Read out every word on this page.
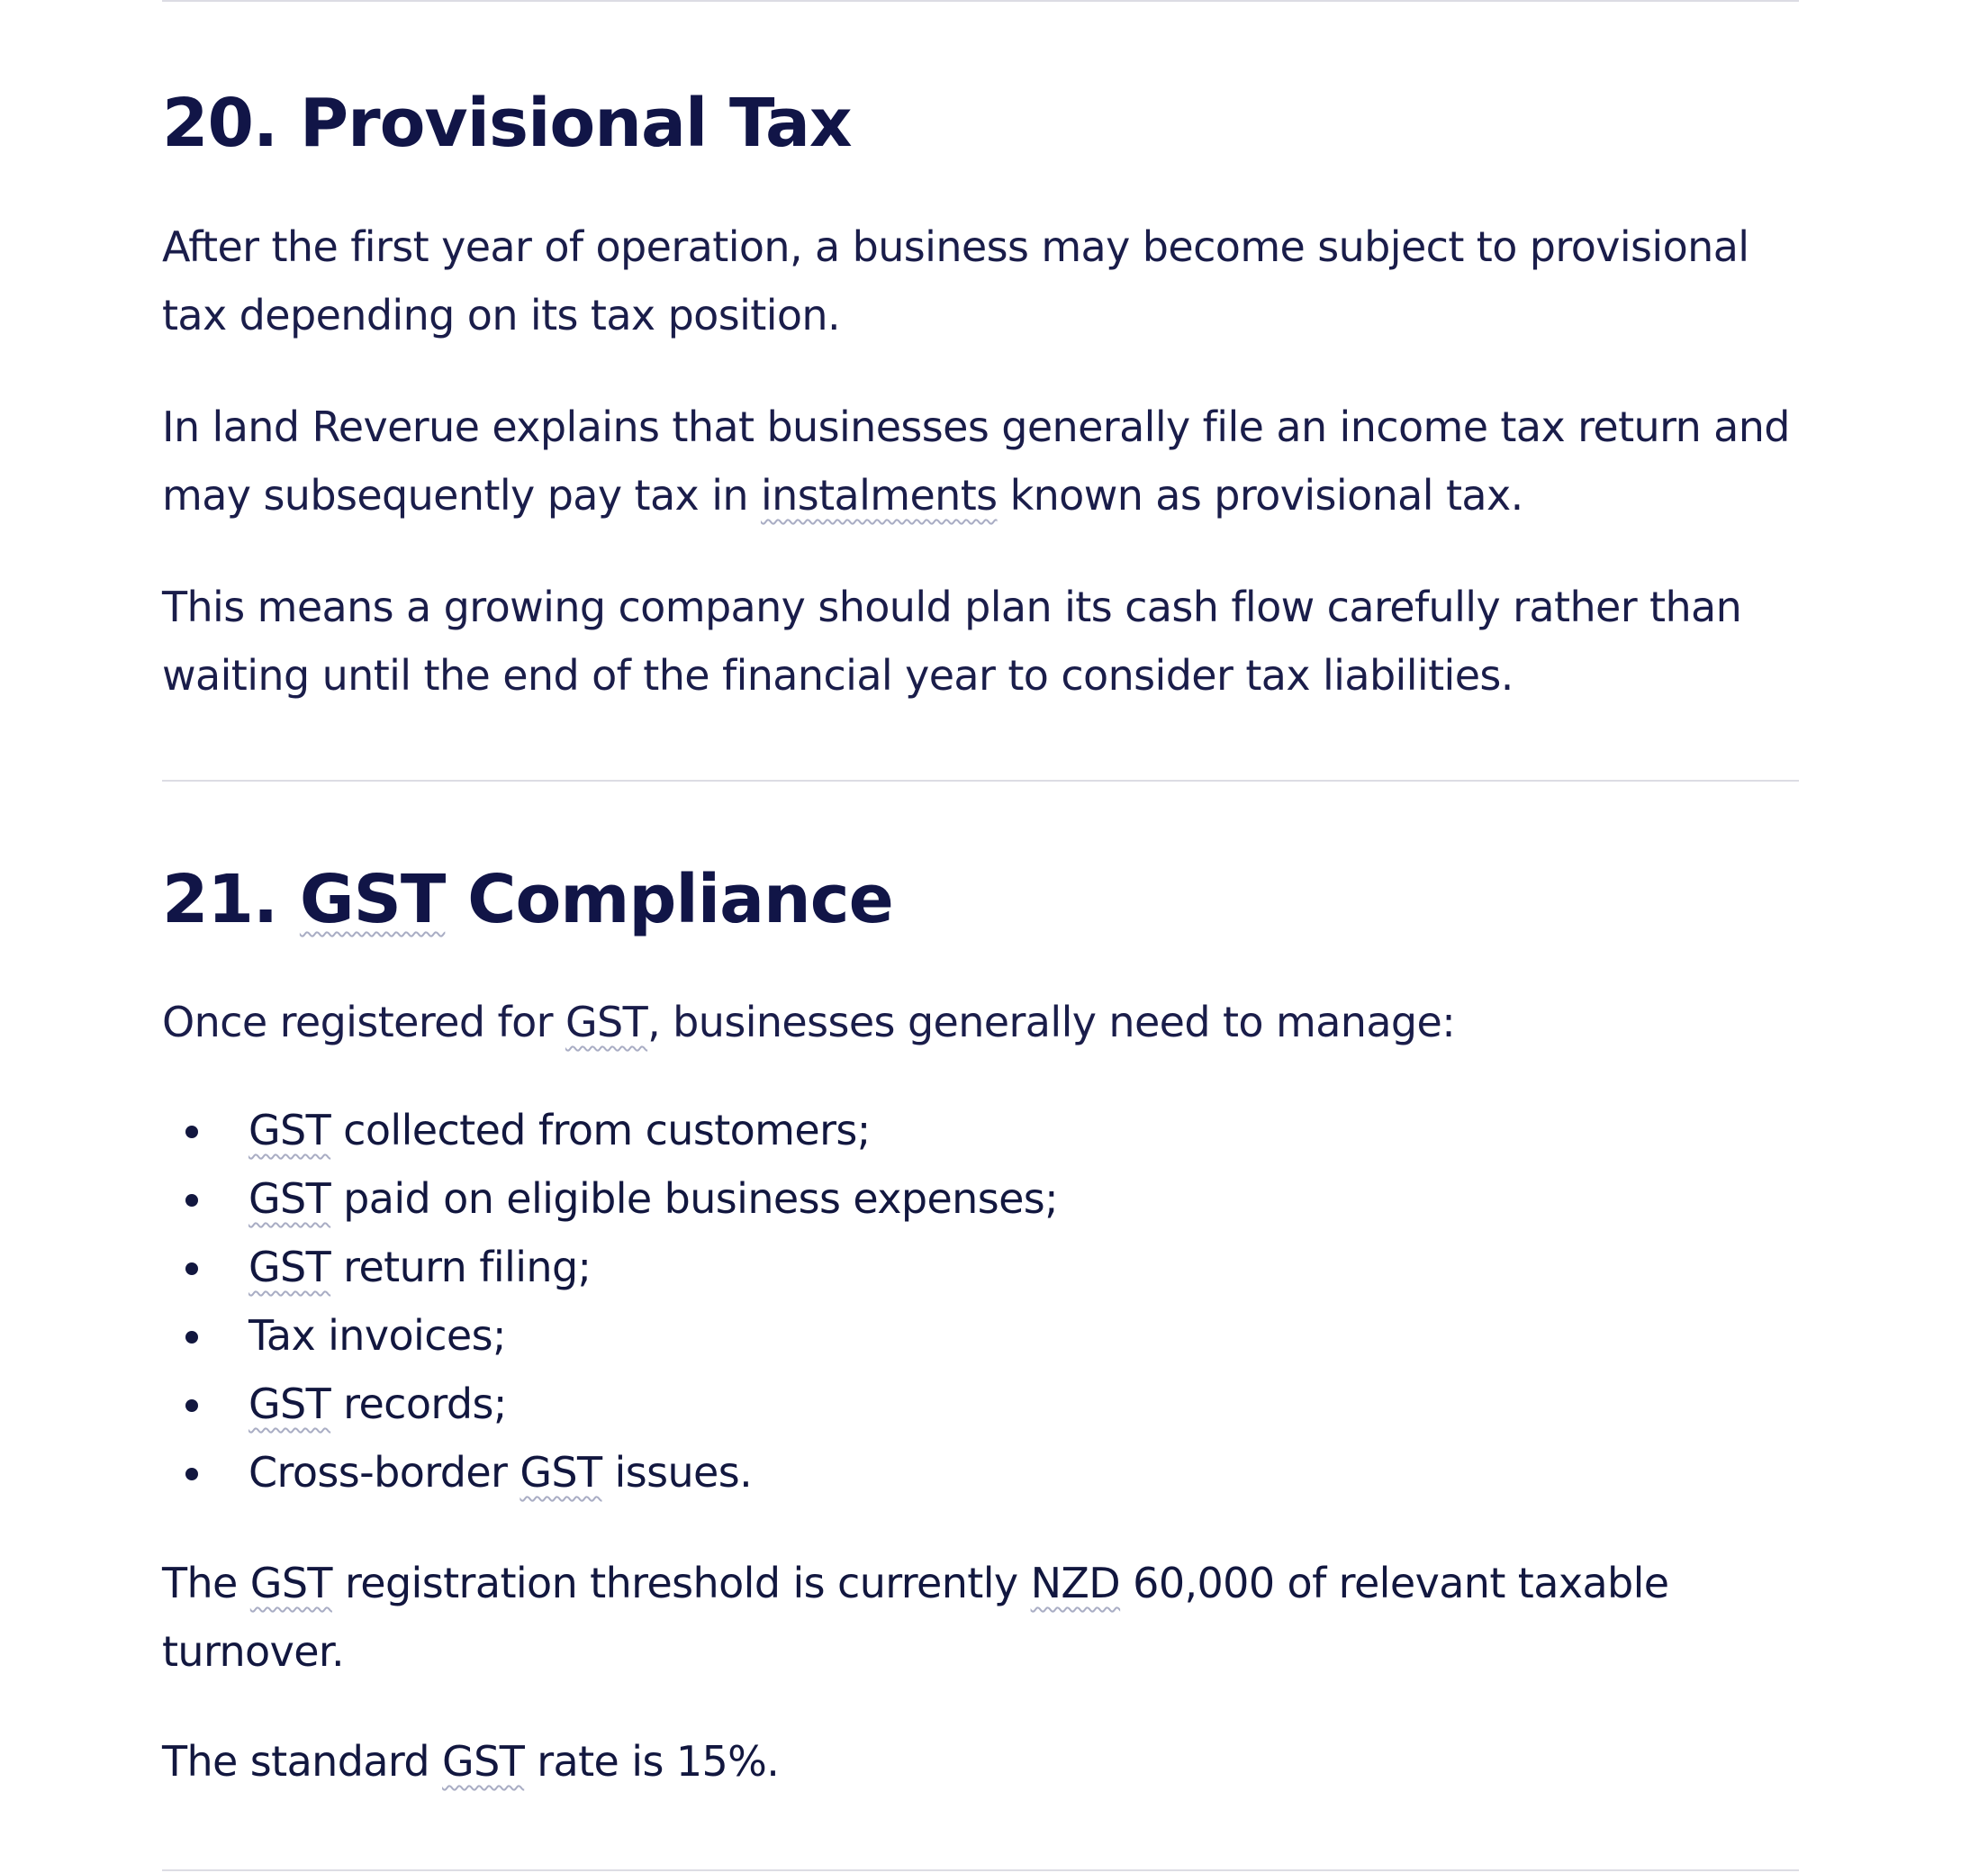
20. Provisional Tax

After the first year of operation, a business may become subject to provisional tax depending on its tax position.

In land Reverue explains that businesses generally file an income tax return and may subsequently pay tax in instalments known as provisional tax.

This means a growing company should plan its cash flow carefully rather than waiting until the end of the financial year to consider tax liabilities.

21. GST Compliance

Once registered for GST, businesses generally need to manage:

GST collected from customers;
GST paid on eligible business expenses;
GST return filing;
Tax invoices;
GST records;
Cross-border GST issues.

The GST registration threshold is currently NZD 60,000 of relevant taxable turnover.

The standard GST rate is 15%.
